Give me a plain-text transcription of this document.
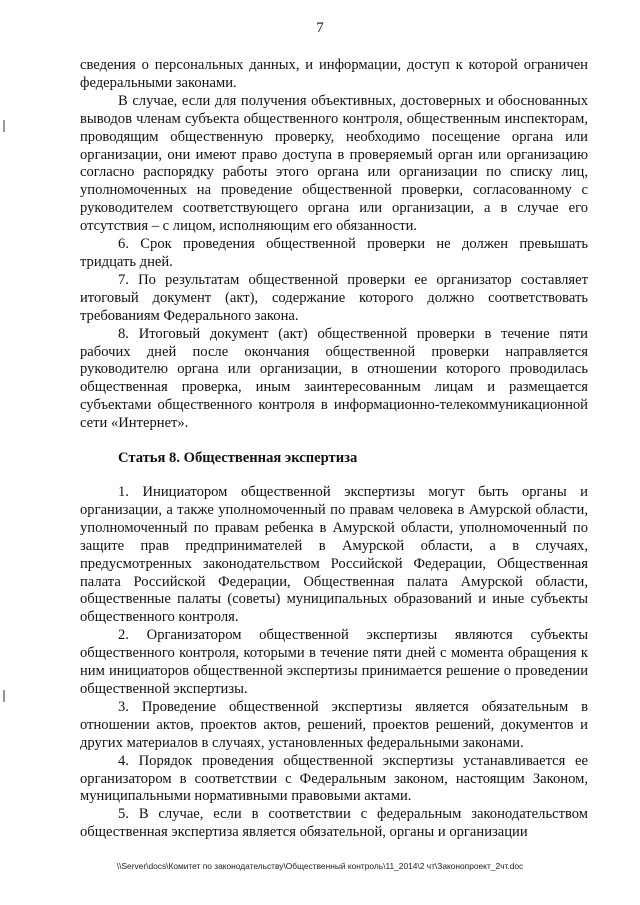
7

сведения о персональных данных, и информации, доступ к которой ограничен федеральными законами.

В случае, если для получения объективных, достоверных и обоснованных выводов членам субъекта общественного контроля, общественным инспекторам, проводящим общественную проверку, необходимо посещение органа или организации, они имеют право доступа в проверяемый орган или организацию согласно распорядку работы этого органа или организации по списку лиц, уполномоченных на проведение общественной проверки, согласованному с руководителем соответствующего органа или организации, а в случае его отсутствия – с лицом, исполняющим его обязанности.

6. Срок проведения общественной проверки не должен превышать тридцать дней.

7. По результатам общественной проверки ее организатор составляет итоговый документ (акт), содержание которого должно соответствовать требованиям Федерального закона.

8. Итоговый документ (акт) общественной проверки в течение пяти рабочих дней после окончания общественной проверки направляется руководителю органа или организации, в отношении которого проводилась общественная проверка, иным заинтересованным лицам и размещается субъектами общественного контроля в информационно-телекоммуникационной сети «Интернет».

Статья 8. Общественная экспертиза

1. Инициатором общественной экспертизы могут быть органы и организации, а также уполномоченный по правам человека в Амурской области, уполномоченный по правам ребенка в Амурской области, уполномоченный по защите прав предпринимателей в Амурской области, а в случаях, предусмотренных законодательством Российской Федерации, Общественная палата Российской Федерации, Общественная палата Амурской области, общественные палаты (советы) муниципальных образований и иные субъекты общественного контроля.

2. Организатором общественной экспертизы являются субъекты общественного контроля, которыми в течение пяти дней с момента обращения к ним инициаторов общественной экспертизы принимается решение о проведении общественной экспертизы.

3. Проведение общественной экспертизы является обязательным в отношении актов, проектов актов, решений, проектов решений, документов и других материалов в случаях, установленных федеральными законами.

4. Порядок проведения общественной экспертизы устанавливается ее организатором в соответствии с Федеральным законом, настоящим Законом, муниципальными нормативными правовыми актами.

5. В случае, если в соответствии с федеральным законодательством общественная экспертиза является обязательной, органы и организации

\\Server\docs\Комитет по законодательству\Общественный контроль\11_2014\2 чт\Законопроект_2чт.doc
